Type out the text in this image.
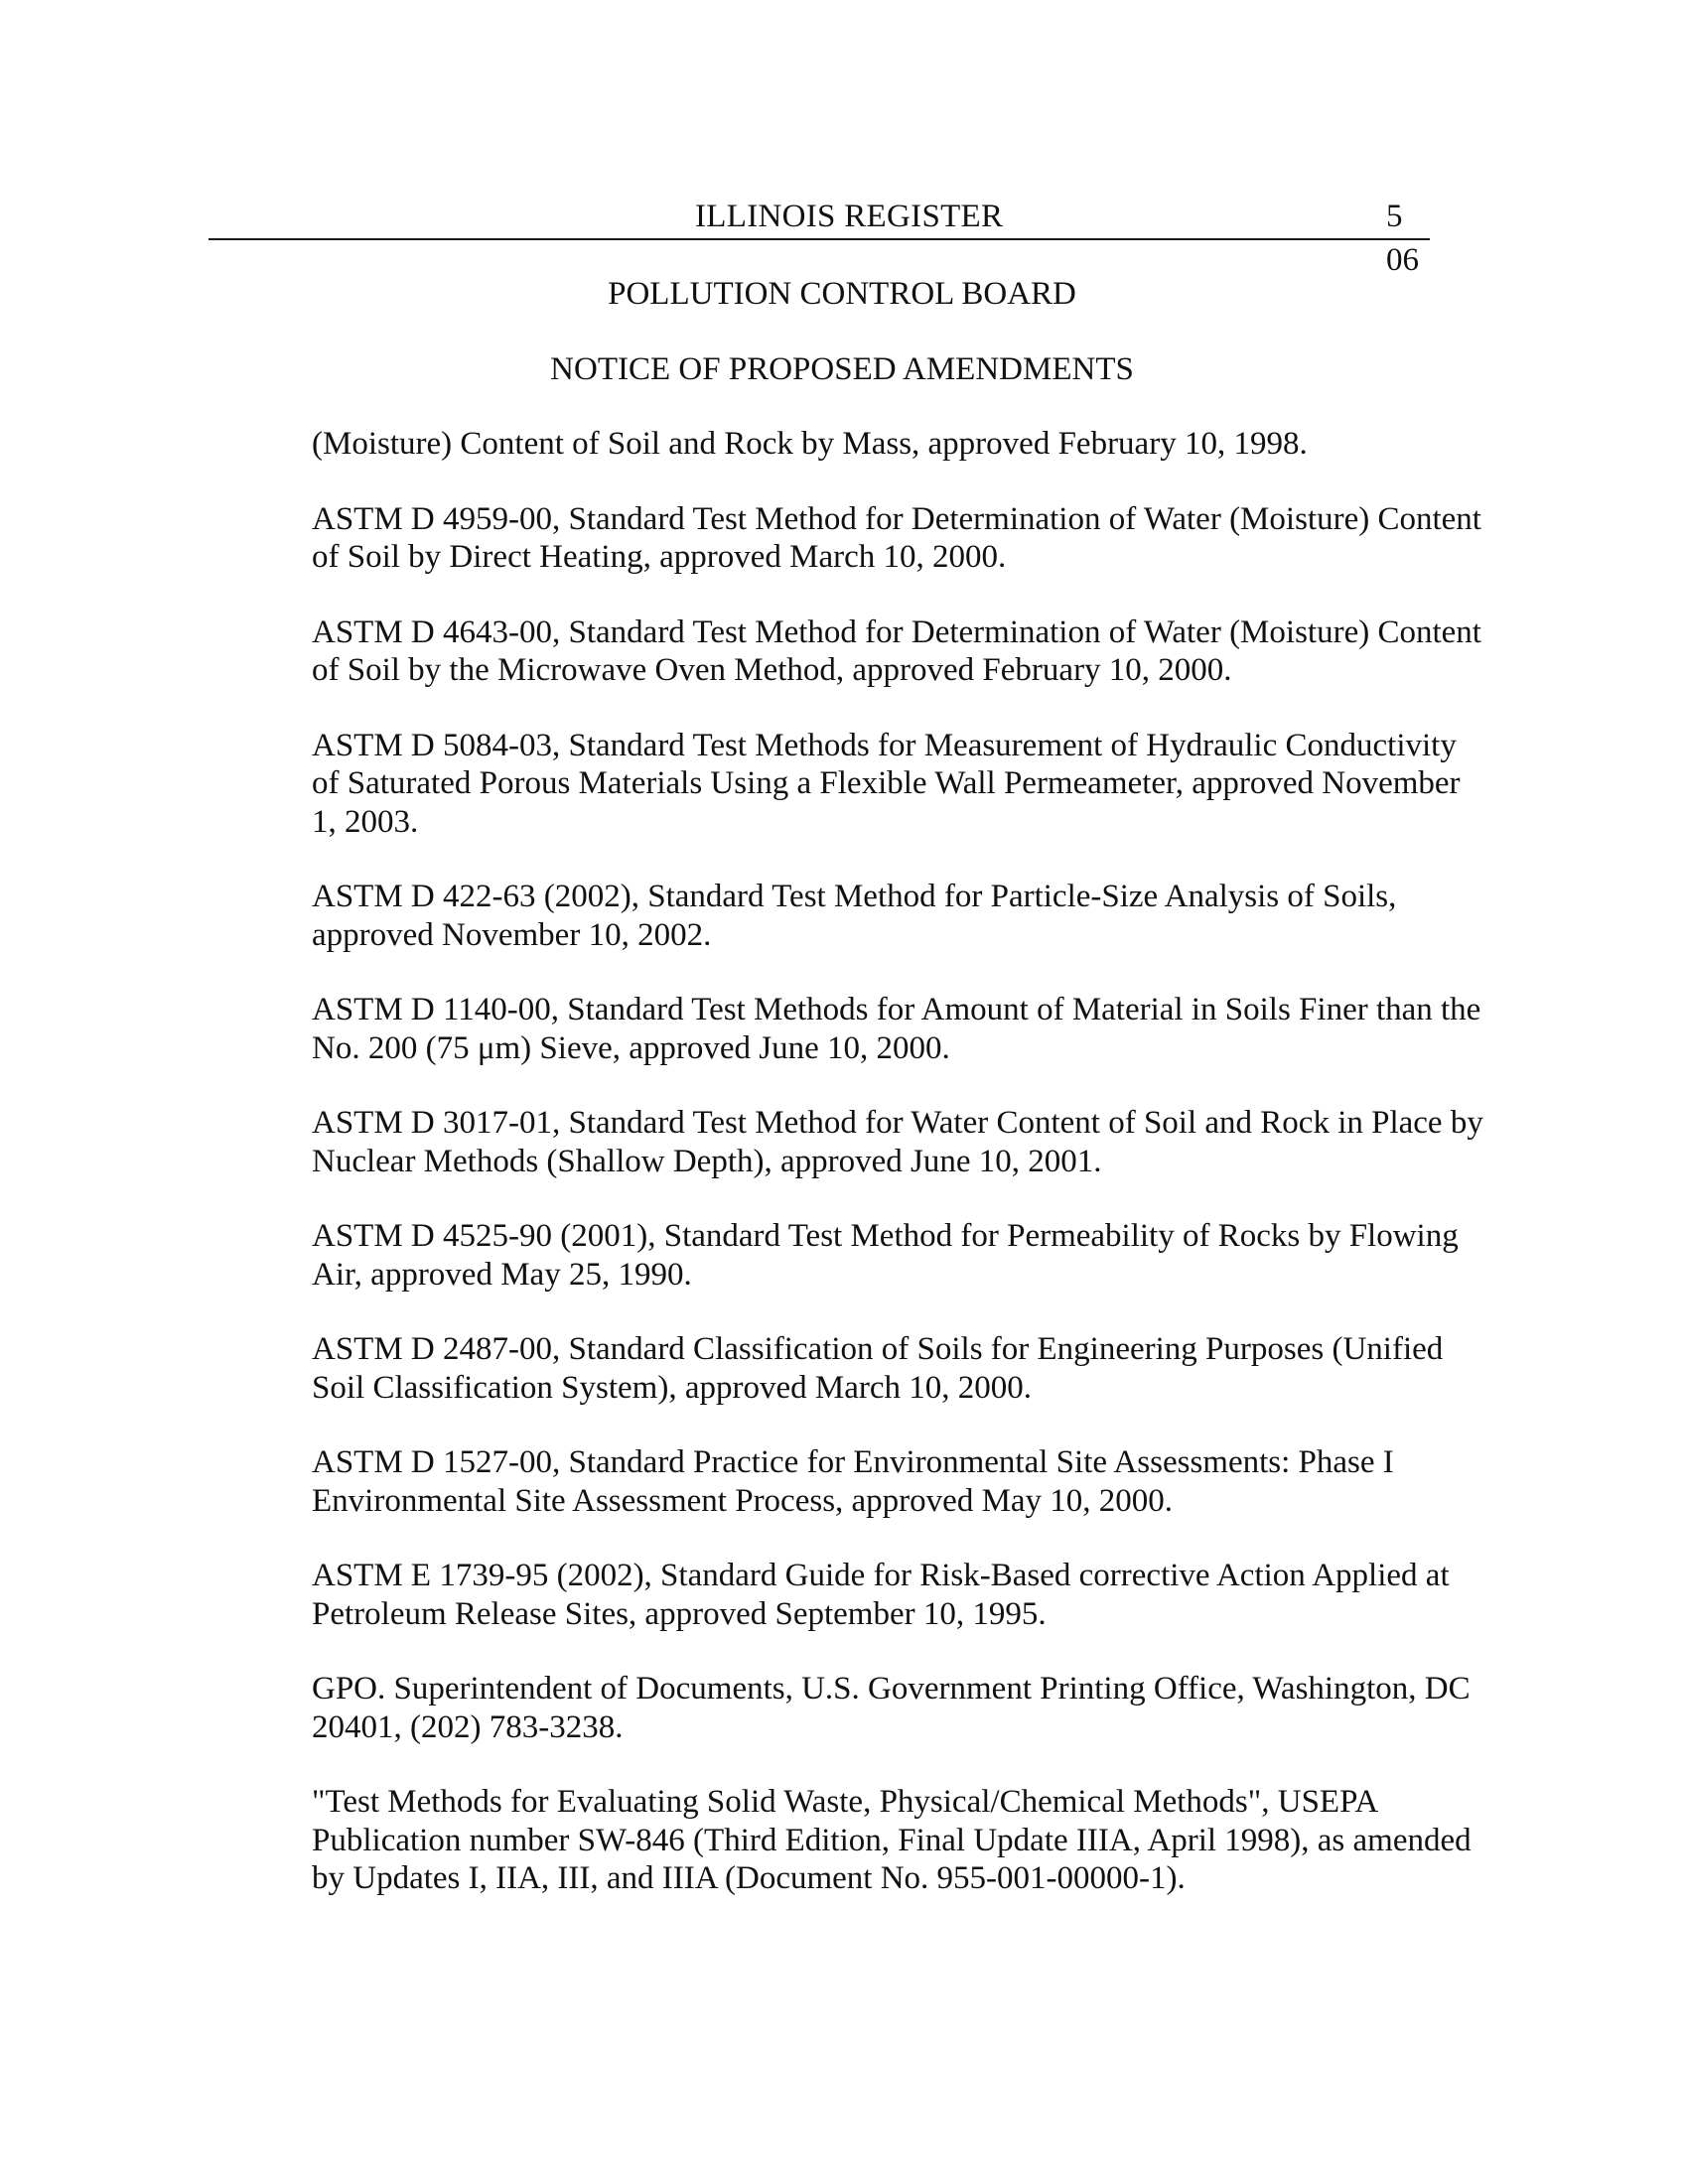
ILLINOIS REGISTER	5
06
POLLUTION CONTROL BOARD
NOTICE OF PROPOSED AMENDMENTS

(Moisture) Content of Soil and Rock by Mass, approved February 10, 1998.

ASTM D 4959-00, Standard Test Method for Determination of Water (Moisture) Content
of Soil by Direct Heating, approved March 10, 2000.

ASTM D 4643-00, Standard Test Method for Determination of Water (Moisture) Content
of Soil by the Microwave Oven Method, approved February 10, 2000.

ASTM D 5084-03, Standard Test Methods for Measurement of Hydraulic Conductivity
of Saturated Porous Materials Using a Flexible Wall Permeameter, approved November
1, 2003.

ASTM D 422-63 (2002), Standard Test Method for Particle-Size Analysis of Soils,
approved November 10, 2002.

ASTM D 1140-00, Standard Test Methods for Amount of Material in Soils Finer than the
No. 200 (75 μm) Sieve, approved June 10, 2000.

ASTM D 3017-01, Standard Test Method for Water Content of Soil and Rock in Place by
Nuclear Methods (Shallow Depth), approved June 10, 2001.

ASTM D 4525-90 (2001), Standard Test Method for Permeability of Rocks by Flowing
Air, approved May 25, 1990.

ASTM D 2487-00, Standard Classification of Soils for Engineering Purposes (Unified
Soil Classification System), approved March 10, 2000.

ASTM D 1527-00, Standard Practice for Environmental Site Assessments: Phase I
Environmental Site Assessment Process, approved May 10, 2000.

ASTM E 1739-95 (2002), Standard Guide for Risk-Based corrective Action Applied at
Petroleum Release Sites, approved September 10, 1995.

GPO. Superintendent of Documents, U.S. Government Printing Office, Washington, DC
20401, (202) 783-3238.

"Test Methods for Evaluating Solid Waste, Physical/Chemical Methods", USEPA
Publication number SW-846 (Third Edition, Final Update IIIA, April 1998), as amended
by Updates I, IIA, III, and IIIA (Document No. 955-001-00000-1).
